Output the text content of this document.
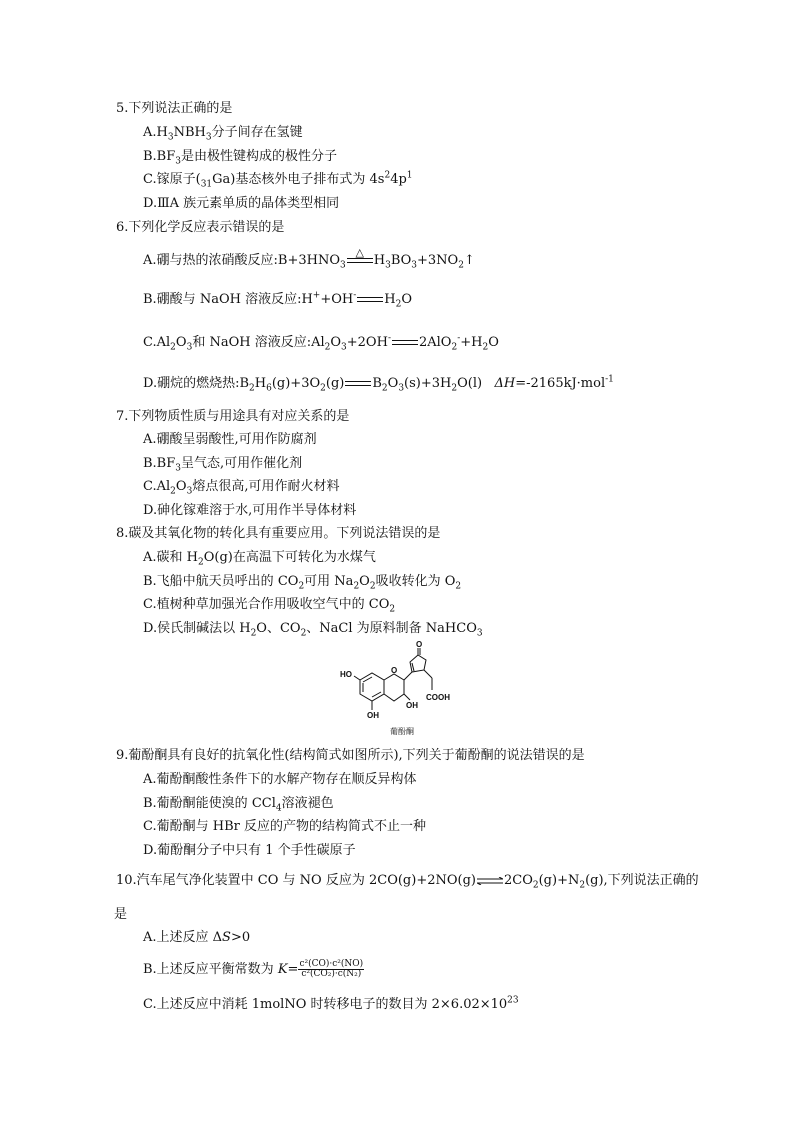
5.下列说法正确的是
$A.H_3NBH_3$分子间存在氢键
$B.BF_3$是由极性键构成的极性分子
C.镓原子$(_{31}Ga)$基态核外电子排布式为 $4s^24p^1$
D.ⅢA 族元素单质的晶体类型相同
6.下列化学反应表示错误的是
A.硼与热的浓硝酸反应$:B+3HNO_3$
△
$H_3BO_3+3NO_2↑$
B.硼酸与 NaOH 溶液反应:H++OH- $H_2O$
$C.Al_2O_3$和 NaOH 溶液反应$:Al_2O_3+2OH^-$ $2AlO_2^-+H_2O$
D.硼烷的燃烧热$:B_2H_6(g)+3O_2(g)$ $B_2O_3(s)+3H_2O(l)$ ΔH=-2165kJ·mol$^{-1}$
7.下列物质性质与用途具有对应关系的是
A.硼酸呈弱酸性,可用作防腐剂
$B.BF_3$呈气态,可用作催化剂
$C.Al_2O_3$熔点很高,可用作耐火材料
D.砷化镓难溶于水,可用作半导体材料
8.碳及其氧化物的转化具有重要应用。下列说法错误的是
A.碳和 $H_2O(g)$在高温下可转化为水煤气
B.飞船中航天员呼出的 $CO_2$可用 $Na_2O_2$吸收转化为 $O_2$
C.植树种草加强光合作用吸收空气中的 $CO_2$
D.侯氏制碱法以 $H_2O$、$CO_2$、NaCl 为原料制备 NaHCO$_3$
HO
OH
O
O
OH
COOH
葡酚酮
9.葡酚酮具有良好的抗氧化性(结构简式如图所示),下列关于葡酚酮的说法错误的是
A.葡酚酮酸性条件下的水解产物存在顺反异构体
B.葡酚酮能使溴的 CCl$_4$溶液褪色
C.葡酚酮与 HBr 反应的产物的结构简式不止一种
D.葡酚酮分子中只有 1 个手性碳原子
10.汽车尾气净化装置中 CO 与 NO 反应为 $2CO(g)+2NO(g)\rightleftharpoons 2CO_2(g)+N_2(g)$,下列说法正确的
是
A.上述反应 ΔS>0
B.上述反应平衡常数为 $K= \frac{\text{c²(CO)·c²(NO)}}{\text{c²(CO₂)·c(N₂)}}$
C.上述反应中消耗 1molNO 时转移电子的数目为 $2\times 6.02\times 10^{23}$
